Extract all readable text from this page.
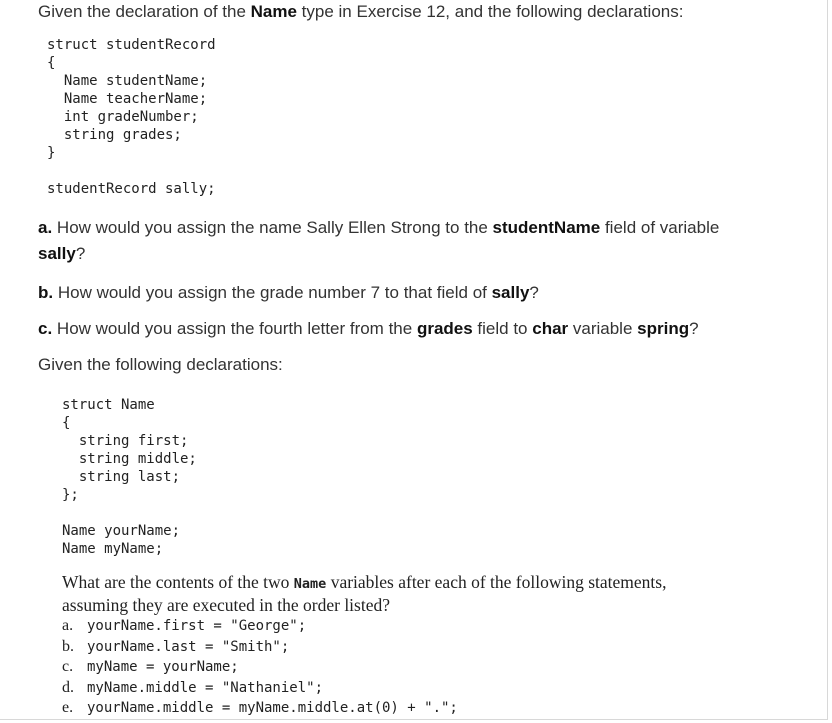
Given the declaration of the Name type in Exercise 12, and the following declarations:

struct studentRecord
{
Name studentName;
Name teacherName;
int gradeNumber;
string grades;
}

studentRecord sally;

a. How would you assign the name Sally Ellen Strong to the studentName field of variable
sally?

b. How would you assign the grade number 7 to that field of sally?

c. How would you assign the fourth letter from the grades field to char variable spring?

Given the following declarations:

struct Name
{
string first;
string middle;
string last;
};

Name yourName;
Name myName;

What are the contents of the two Name variables after each of the following statements,
assuming they are executed in the order listed?

a. yourName.first = "George";
b. yourName.last = "Smith";
c. myName = yourName;
d. myName.middle = "Nathaniel";
e. yourName.middle = myName.middle.at(0) + ".";
